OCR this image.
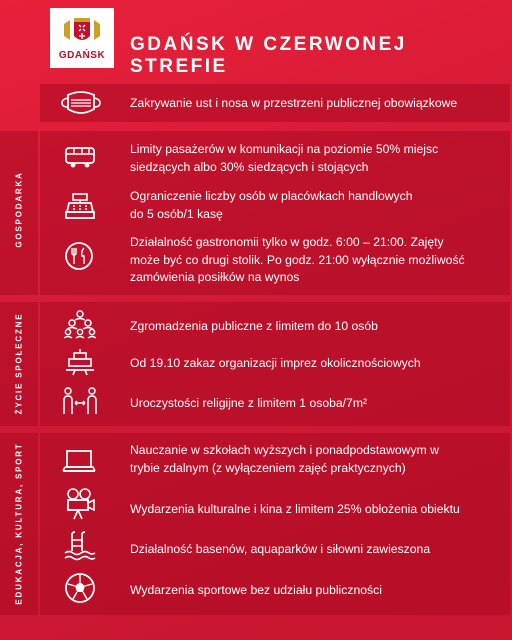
GDAŃSK
GDAŃSK W CZERWONEJ STREFIE
Zakrywanie ust i nosa w przestrzeni publicznej obowiązkowe
GOSPODARKA
Limity pasażerów w komunikacji na poziomie 50% miejsc siedzących albo 30% siedzących i stojących
Ograniczenie liczby osób w placówkach handlowych do 5 osób/1 kasę
Działalność gastronomii tylko w godz. 6:00 – 21:00. Zajęty może być co drugi stolik. Po godz. 21:00 wyłącznie możliwość zamówienia posiłków na wynos
ŻYCIE SPOŁECZNE	Zgromadzenia publiczne z limitem do 10 osób
Od 19.10 zakaz organizacji imprez okolicznościowych
Uroczystości religijne z limitem 1 osoba/7m²
EDUKACJA, KULTURA, SPORT	Nauczanie w szkołach wyższych i ponadpodstawowym w trybie zdalnym (z wyłączeniem zajęć praktycznych)
Wydarzenia kulturalne i kina z limitem 25% obłożenia obiektu
Działalność basenów, aquaparków i siłowni zawieszona
Wydarzenia sportowe bez udziału publiczności
